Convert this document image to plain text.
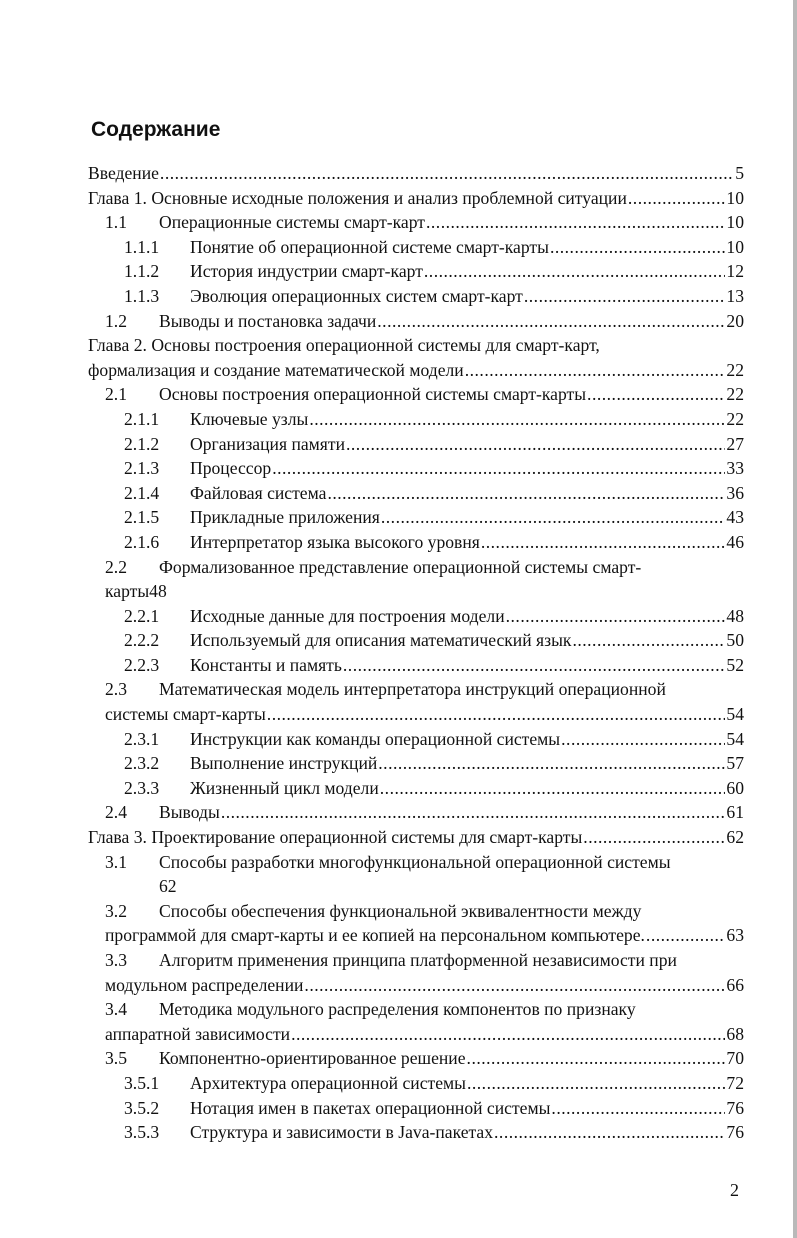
Содержание
Введение .....	5
Глава 1. Основные исходные положения и анализ проблемной ситуации .....	10
1.1	Операционные системы смарт-карт .....	10
1.1.1	Понятие об операционной системе смарт-карты .....	10
1.1.2	История индустрии смарт-карт .....	12
1.1.3	Эволюция операционных систем смарт-карт .....	13
1.2	Выводы и постановка задачи .....	20
Глава 2. Основы построения операционной системы для смарт-карт,
формализация и создание математической модели .....	22
2.1	Основы построения операционной системы смарт-карты .....	22
2.1.1	Ключевые узлы .....	22
2.1.2	Организация памяти .....	27
2.1.3	Процессор .....	33
2.1.4	Файловая система .....	36
2.1.5	Прикладные приложения .....	43
2.1.6	Интерпретатор языка высокого уровня .....	46
2.2	Формализованное представление операционной системы смарт-
карты48
2.2.1	Исходные данные для построения модели .....	48
2.2.2	Используемый для описания математический язык .....	50
2.2.3	Константы и память .....	52
2.3	Математическая модель интерпретатора инструкций операционной
системы смарт-карты .....	54
2.3.1	Инструкции как команды операционной системы .....	54
2.3.2	Выполнение инструкций .....	57
2.3.3	Жизненный цикл модели .....	60
2.4	Выводы .....	61
Глава 3. Проектирование операционной системы для смарт-карты .....	62
3.1	Способы разработки многофункциональной операционной системы
62
3.2	Способы обеспечения функциональной эквивалентности между
программой для смарт-карты и ее копией на персональном компьютере. .....	63
3.3	Алгоритм применения принципа платформенной независимости при
модульном распределении .....	66
3.4	Методика модульного распределения компонентов по признаку
аппаратной зависимости .....	68
3.5	Компонентно-ориентированное решение .....	70
3.5.1	Архитектура операционной системы .....	72
3.5.2	Нотация имен в пакетах операционной системы .....	76
3.5.3	Структура и зависимости в Java-пакетах .....	76
2
